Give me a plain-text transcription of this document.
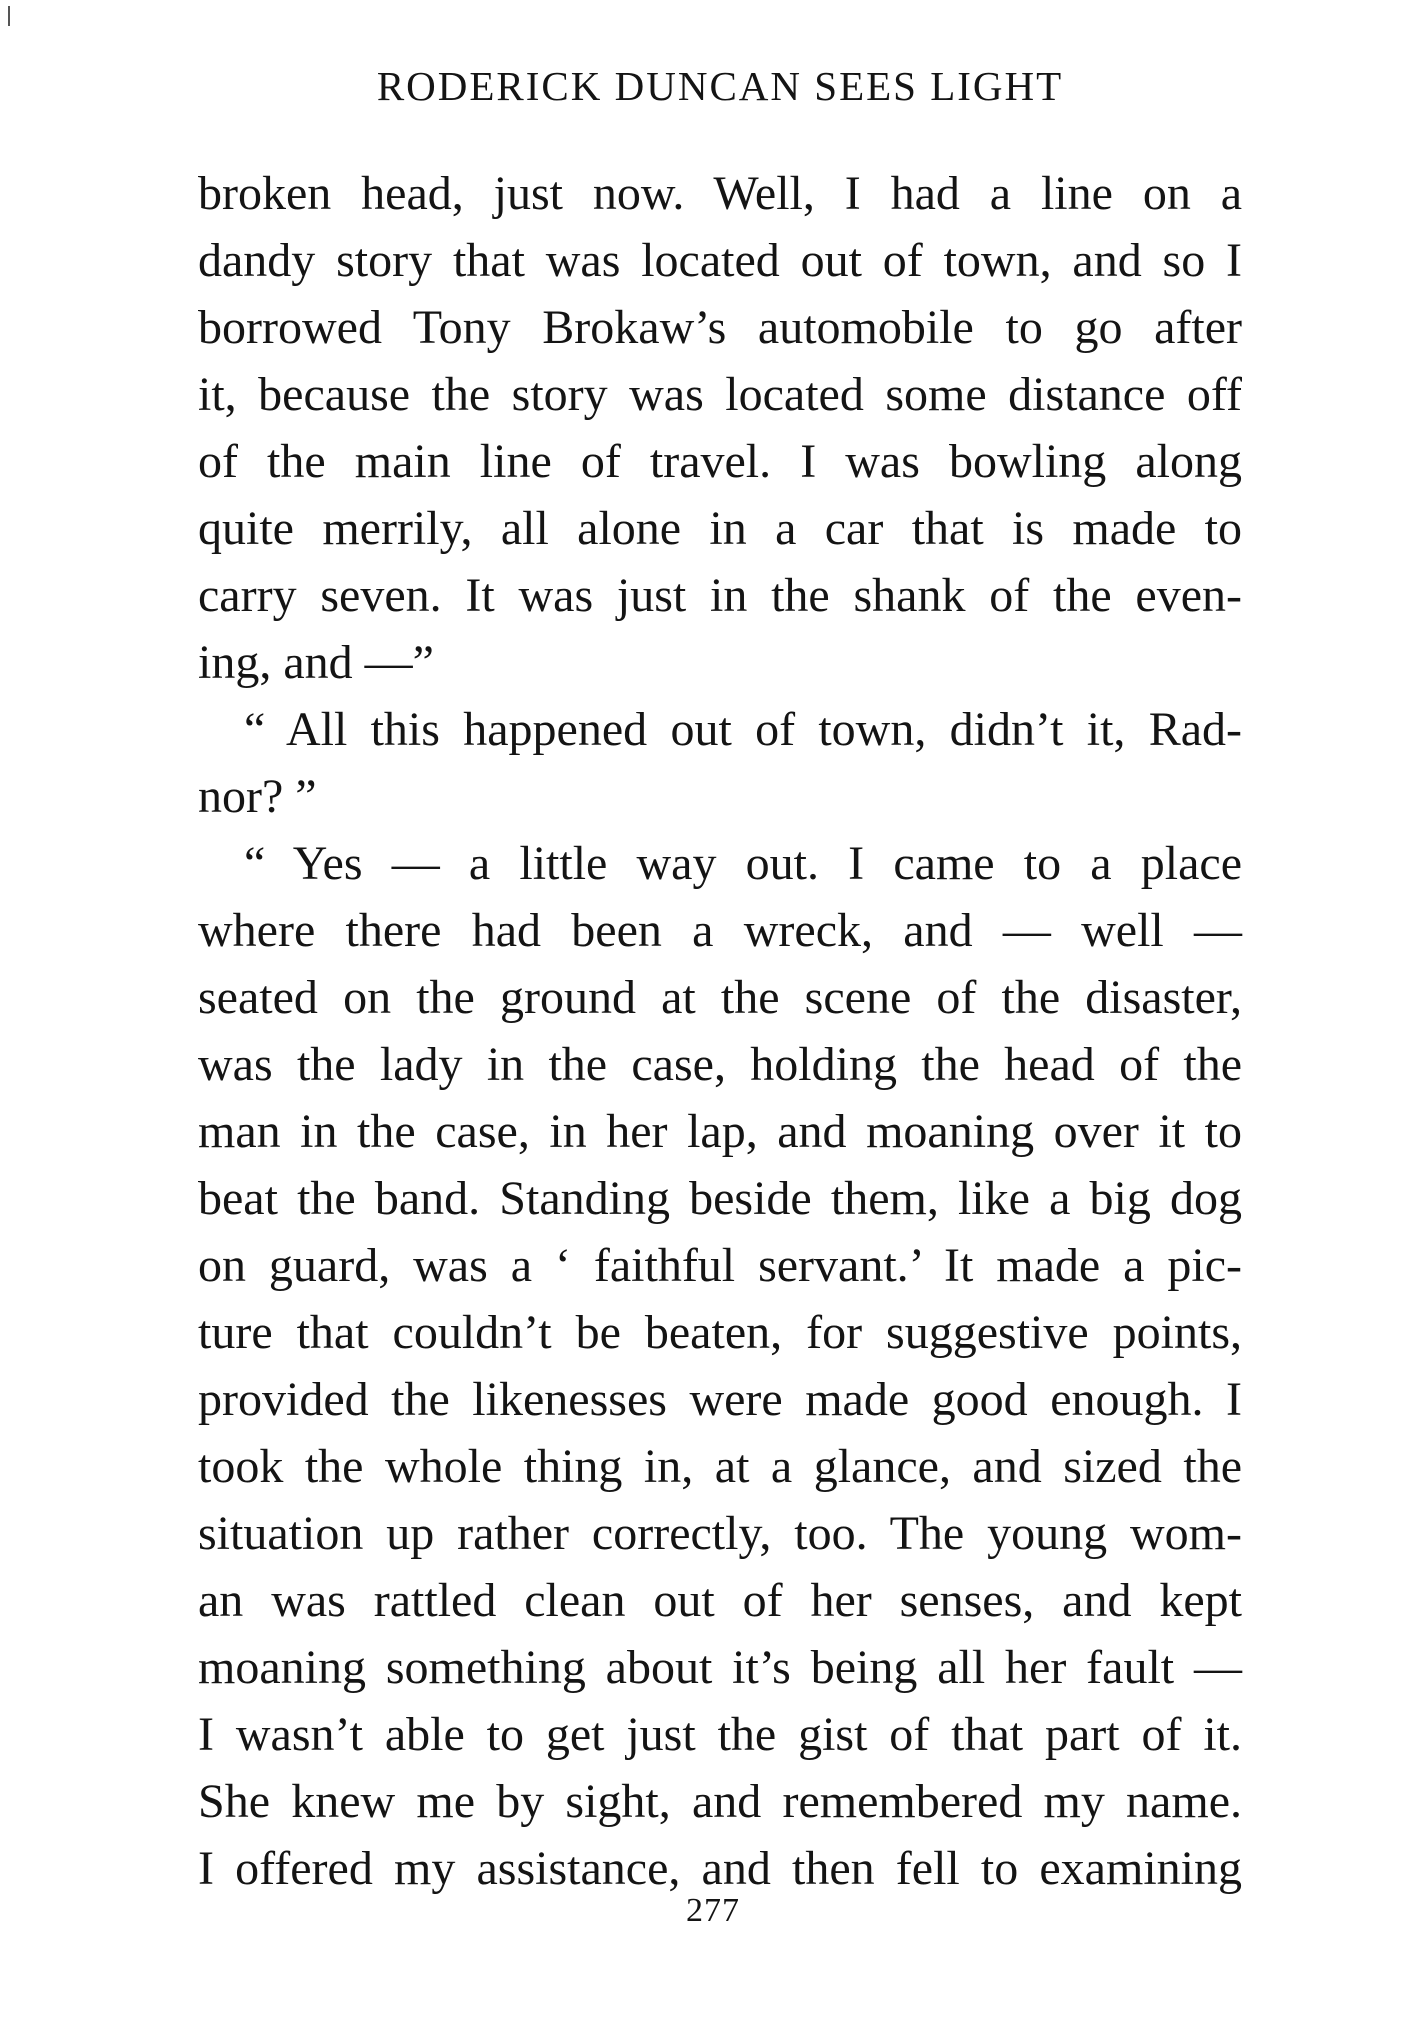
RODERICK DUNCAN SEES LIGHT
broken head, just now. Well, I had a line on a
dandy story that was located out of town, and so I
borrowed Tony Brokaw’s automobile to go after
it, because the story was located some distance off
of the main line of travel. I was bowling along
quite merrily, all alone in a car that is made to
carry seven. It was just in the shank of the even-
ing, and —”
“ All this happened out of town, didn’t it, Rad-
nor? ”
“ Yes — a little way out. I came to a place
where there had been a wreck, and — well —
seated on the ground at the scene of the disaster,
was the lady in the case, holding the head of the
man in the case, in her lap, and moaning over it to
beat the band. Standing beside them, like a big dog
on guard, was a ‘ faithful servant.’ It made a pic-
ture that couldn’t be beaten, for suggestive points,
provided the likenesses were made good enough. I
took the whole thing in, at a glance, and sized the
situation up rather correctly, too. The young wom-
an was rattled clean out of her senses, and kept
moaning something about it’s being all her fault —
I wasn’t able to get just the gist of that part of it.
She knew me by sight, and remembered my name.
I offered my assistance, and then fell to examining
277
